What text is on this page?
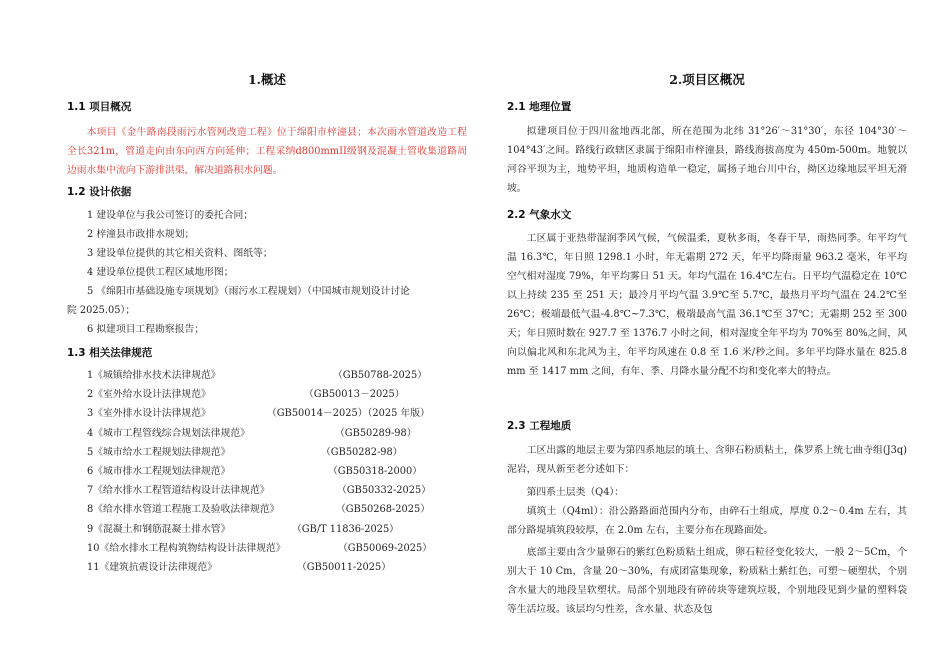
1.概述
1.1 项目概况

本项目《金牛路南段雨污水管网改造工程》位于绵阳市梓潼县；本次雨水管道改造工程全长321m，管道走向由东向西方向延伸；工程采纳d800mmII级钢及混凝土管收集道路周边雨水集中流向下游排洪渠，解决道路积水问题。

1.2 设计依据
1 建设单位与我公司签订的委托合同；
2 梓潼县市政排水规划；
3 建设单位提供的其它相关资料、图纸等；
4 建设单位提供工程区域地形图；
5 《绵阳市基础设施专项规划》（雨污水工程规划）（中国城市规划设计讨论
院 2025.05）；
6 拟建项目工程勘察报告；
1.3 相关法律规范
1《城镇给排水技术法律规范》	（GB50788-2025）
2《室外给水设计法律规范》	（GB50013－2025）
3《室外排水设计法律规范》	（GB50014－2025）（2025 年版）
4《城市工程管线综合规划法律规范》	（GB50289-98）
5《城市给水工程规划法律规范》	（GB50282-98）
6《城市排水工程规划法律规范》	（GB50318-2000）
7《给水排水工程管道结构设计法律规范》	（GB50332-2025）
8《给水排水管道工程施工及验收法律规范》	（GB50268-2025）
9《混凝土和钢筋混凝土排水管》	（GB/T 11836-2025）
10《给水排水工程构筑物结构设计法律规范》	（GB50069-2025）
11《建筑抗震设计法律规范》	（GB50011-2025）
2.项目区概况
2.1 地理位置

拟建项目位于四川盆地西北部，所在范围为北纬 31°26′～31°30′，东径 104°30′～104°43′之间。路线行政辖区隶属于绵阳市梓潼县，路线海拔高度为 450m-500m。地貌以河谷平坝为主，地势平坦，地质构造单一稳定，属扬子地台川中台，拗区边缘地层平坦无滑坡。

2.2 气象水文

工区属于亚热带湿润季风气候，气候温柔，夏秋多雨，冬春干旱，雨热同季。年平均气温 16.3℃，年日照 1298.1 小时，年无霜期 272 天，年平均降雨量 963.2 毫米，年平均空气相对湿度 79%，年平均雾日 51 天。年均气温在 16.4℃左右。日平均气温稳定在 10℃以上持续 235 至 251 天；最冷月平均气温 3.9℃至 5.7℃，最热月平均气温在 24.2℃至 26℃；极端最低气温-4.8℃~7.3℃，极端最高气温 36.1℃至 37℃；无霜期 252 至 300 天；年日照时数在 927.7 至 1376.7 小时之间，相对湿度全年平均为 70%至 80%之间，风向以偏北风和东北风为主，年平均风速在 0.8 至 1.6 米/秒之间。多年平均降水量在 825.8 mm 至 1417 mm 之间，有年、季、月降水量分配不均和变化率大的特点。

2.3 工程地质

工区出露的地层主要为第四系地层的填土、含卵石粉质粘土，侏罗系上统七曲寺组(J3q)泥岩，现从新至老分述如下：

第四系土层类（Q4）：

填筑土（Q4ml）：沿公路路面范围内分布，由碎石土组成，厚度 0.2～0.4m 左右，其部分路堤填筑段较厚，在 2.0m 左右，主要分布在现路面处。

底部主要由含少量卵石的紫红色粉质粘土组成，卵石粒径变化较大，一般 2～5Cm，个别大于 10 Cm，含量 20～30%，有成团富集现象，粉质粘土紫红色，可塑～硬塑状，个别含水量大的地段呈软塑状。局部个别地段有碎砖块等建筑垃圾，个别地段见到少量的塑料袋等生活垃圾。该层均匀性差，含水量、状态及包
